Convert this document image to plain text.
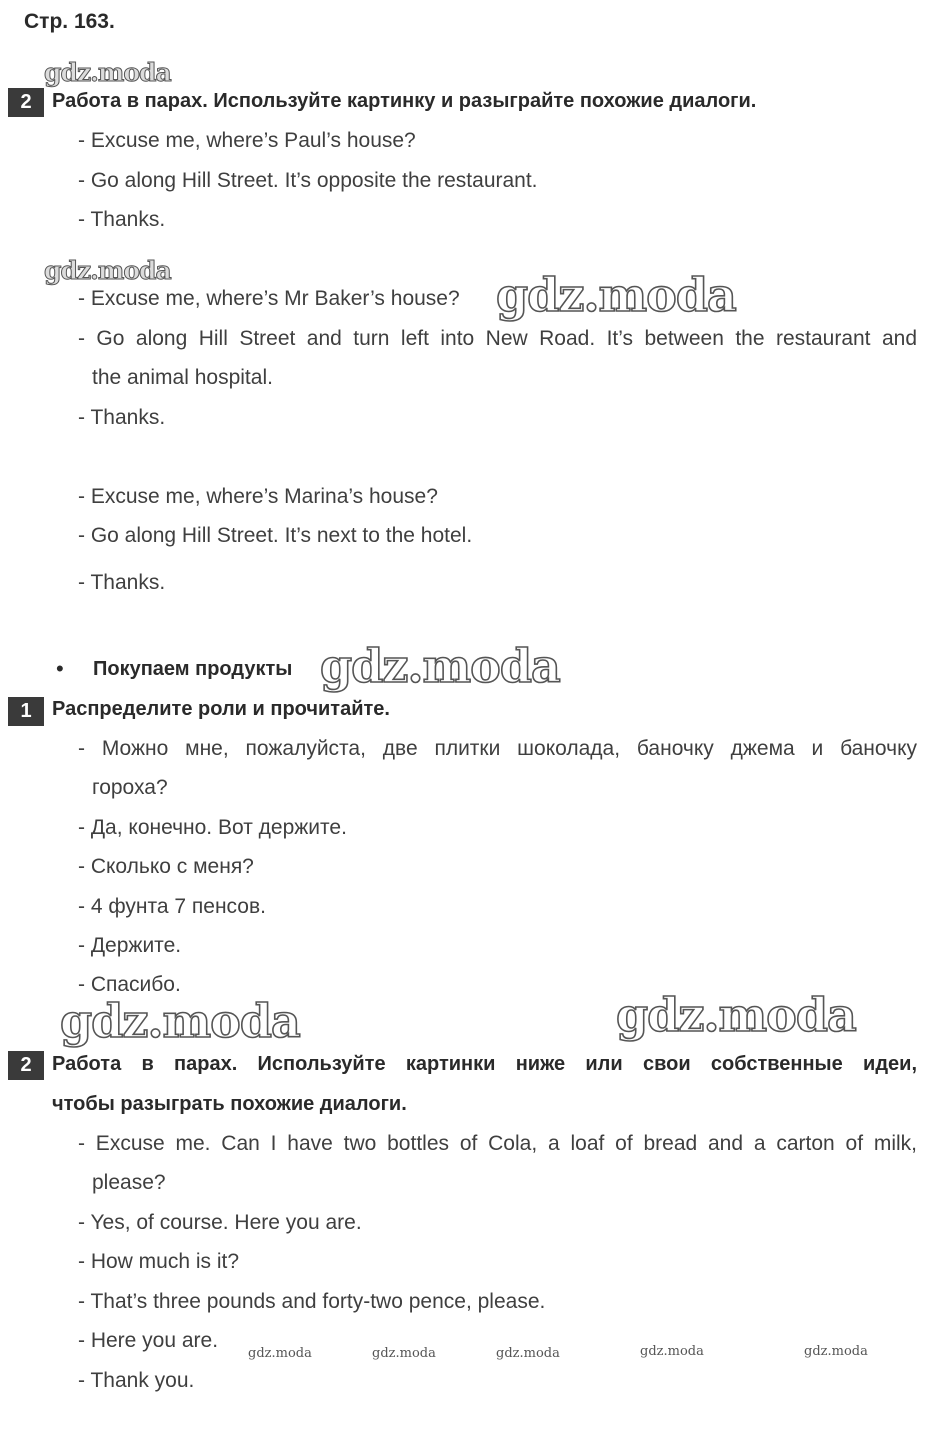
Стр. 163.
gdz.moda
gdz.moda	gdz.moda
gdz.moda
gdz.moda	gdz.moda
gdz.moda	gdz.moda	gdz.moda	gdz.moda	gdz.moda
2	Работа в парах. Используйте картинку и разыграйте похожие диалоги.
- Excuse me, where’s Paul’s house?
- Go along Hill Street. It’s opposite the restaurant.
- Thanks.
- Excuse me, where’s Mr Baker’s house?
- Go along Hill Street and turn left into New Road. It’s between the restaurant and
the animal hospital.
- Thanks.
- Excuse me, where’s Marina’s house?
- Go along Hill Street. It’s next to the hotel.
- Thanks.
• Покупаем продукты
1	Распределите роли и прочитайте.
- Можно мне, пожалуйста, две плитки шоколада, баночку джема и баночку
гороха?
- Да, конечно. Вот держите.
- Сколько с меня?
- 4 фунта 7 пенсов.
- Держите.
- Спасибо.
2	Работа в парах. Используйте картинки ниже или свои собственные идеи,
чтобы разыграть похожие диалоги.
- Excuse me. Can I have two bottles of Cola, a loaf of bread and a carton of milk,
please?
- Yes, of course. Here you are.
- How much is it?
- That’s three pounds and forty-two pence, please.
- Here you are.
- Thank you.
